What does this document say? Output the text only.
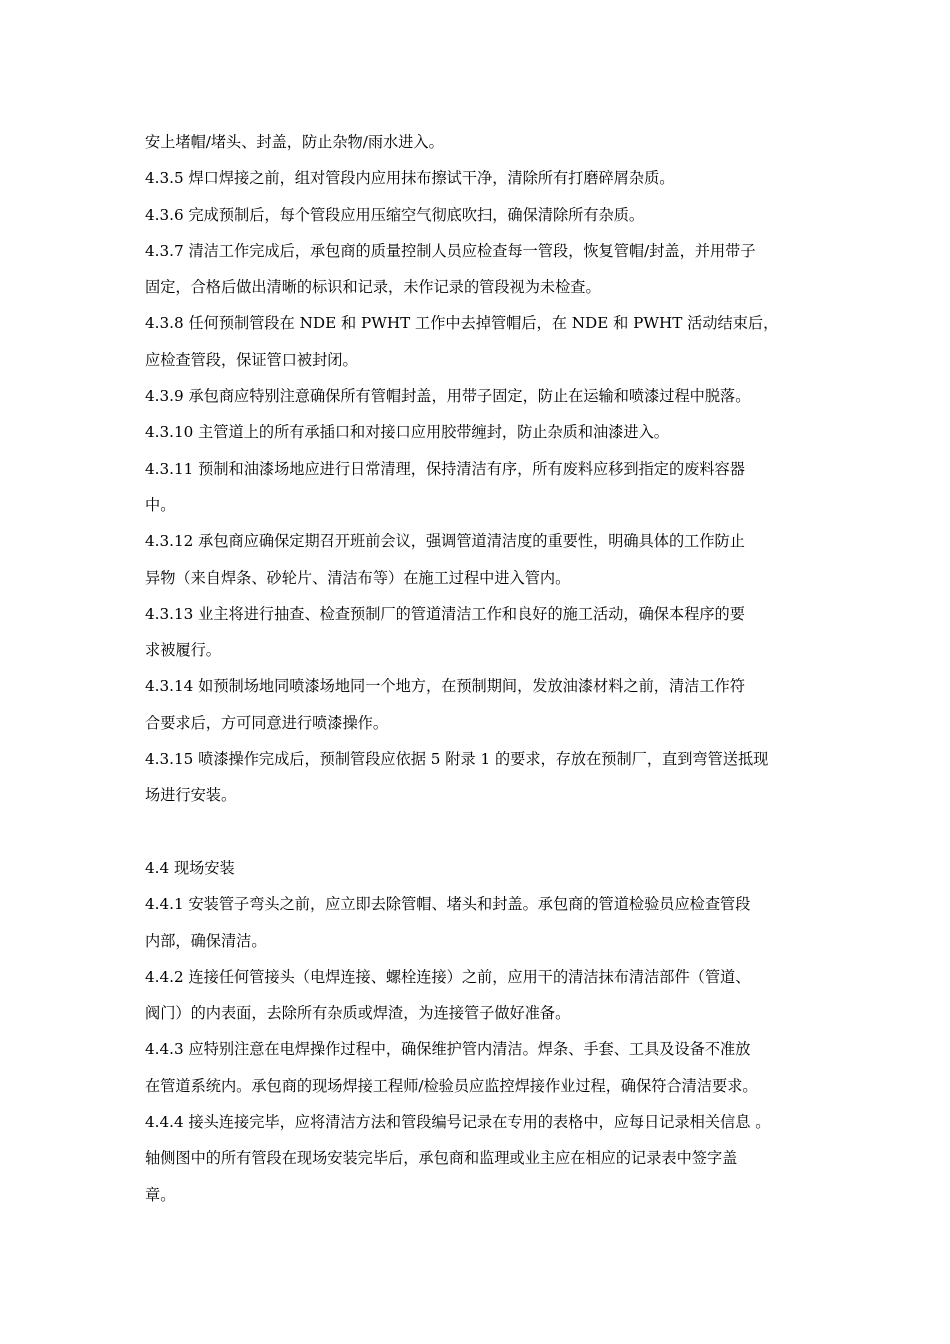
安上堵帽/堵头、封盖，防止杂物/雨水进入。
4.3.5 焊口焊接之前，组对管段内应用抹布擦试干净，清除所有打磨碎屑杂质。
4.3.6 完成预制后，每个管段应用压缩空气彻底吹扫，确保清除所有杂质。
4.3.7 清洁工作完成后，承包商的质量控制人员应检查每一管段，恢复管帽/封盖，并用带子
固定，合格后做出清晰的标识和记录，未作记录的管段视为未检查。
4.3.8 任何预制管段在 NDE 和 PWHT 工作中去掉管帽后，在 NDE 和 PWHT 活动结束后，
应检查管段，保证管口被封闭。
4.3.9 承包商应特别注意确保所有管帽封盖，用带子固定，防止在运输和喷漆过程中脱落。
4.3.10 主管道上的所有承插口和对接口应用胶带缠封，防止杂质和油漆进入。
4.3.11 预制和油漆场地应进行日常清理，保持清洁有序，所有废料应移到指定的废料容器
中。
4.3.12 承包商应确保定期召开班前会议，强调管道清洁度的重要性，明确具体的工作防止
异物（来自焊条、砂轮片、清洁布等）在施工过程中进入管内。
4.3.13 业主将进行抽查、检查预制厂的管道清洁工作和良好的施工活动，确保本程序的要
求被履行。
4.3.14 如预制场地同喷漆场地同一个地方，在预制期间，发放油漆材料之前，清洁工作符
合要求后，方可同意进行喷漆操作。
4.3.15 喷漆操作完成后，预制管段应依据 5 附录 1 的要求，存放在预制厂，直到弯管送抵现
场进行安装。
4.4 现场安装
4.4.1 安装管子弯头之前，应立即去除管帽、堵头和封盖。承包商的管道检验员应检查管段
内部，确保清洁。
4.4.2 连接任何管接头（电焊连接、螺栓连接）之前，应用干的清洁抹布清洁部件（管道、
阀门）的内表面，去除所有杂质或焊渣，为连接管子做好准备。
4.4.3 应特别注意在电焊操作过程中，确保维护管内清洁。焊条、手套、工具及设备不准放
在管道系统内。承包商的现场焊接工程师/检验员应监控焊接作业过程，确保符合清洁要求。
4.4.4 接头连接完毕，应将清洁方法和管段编号记录在专用的表格中，应每日记录相关信息 。
轴侧图中的所有管段在现场安装完毕后，承包商和监理或业主应在相应的记录表中签字盖
章。
